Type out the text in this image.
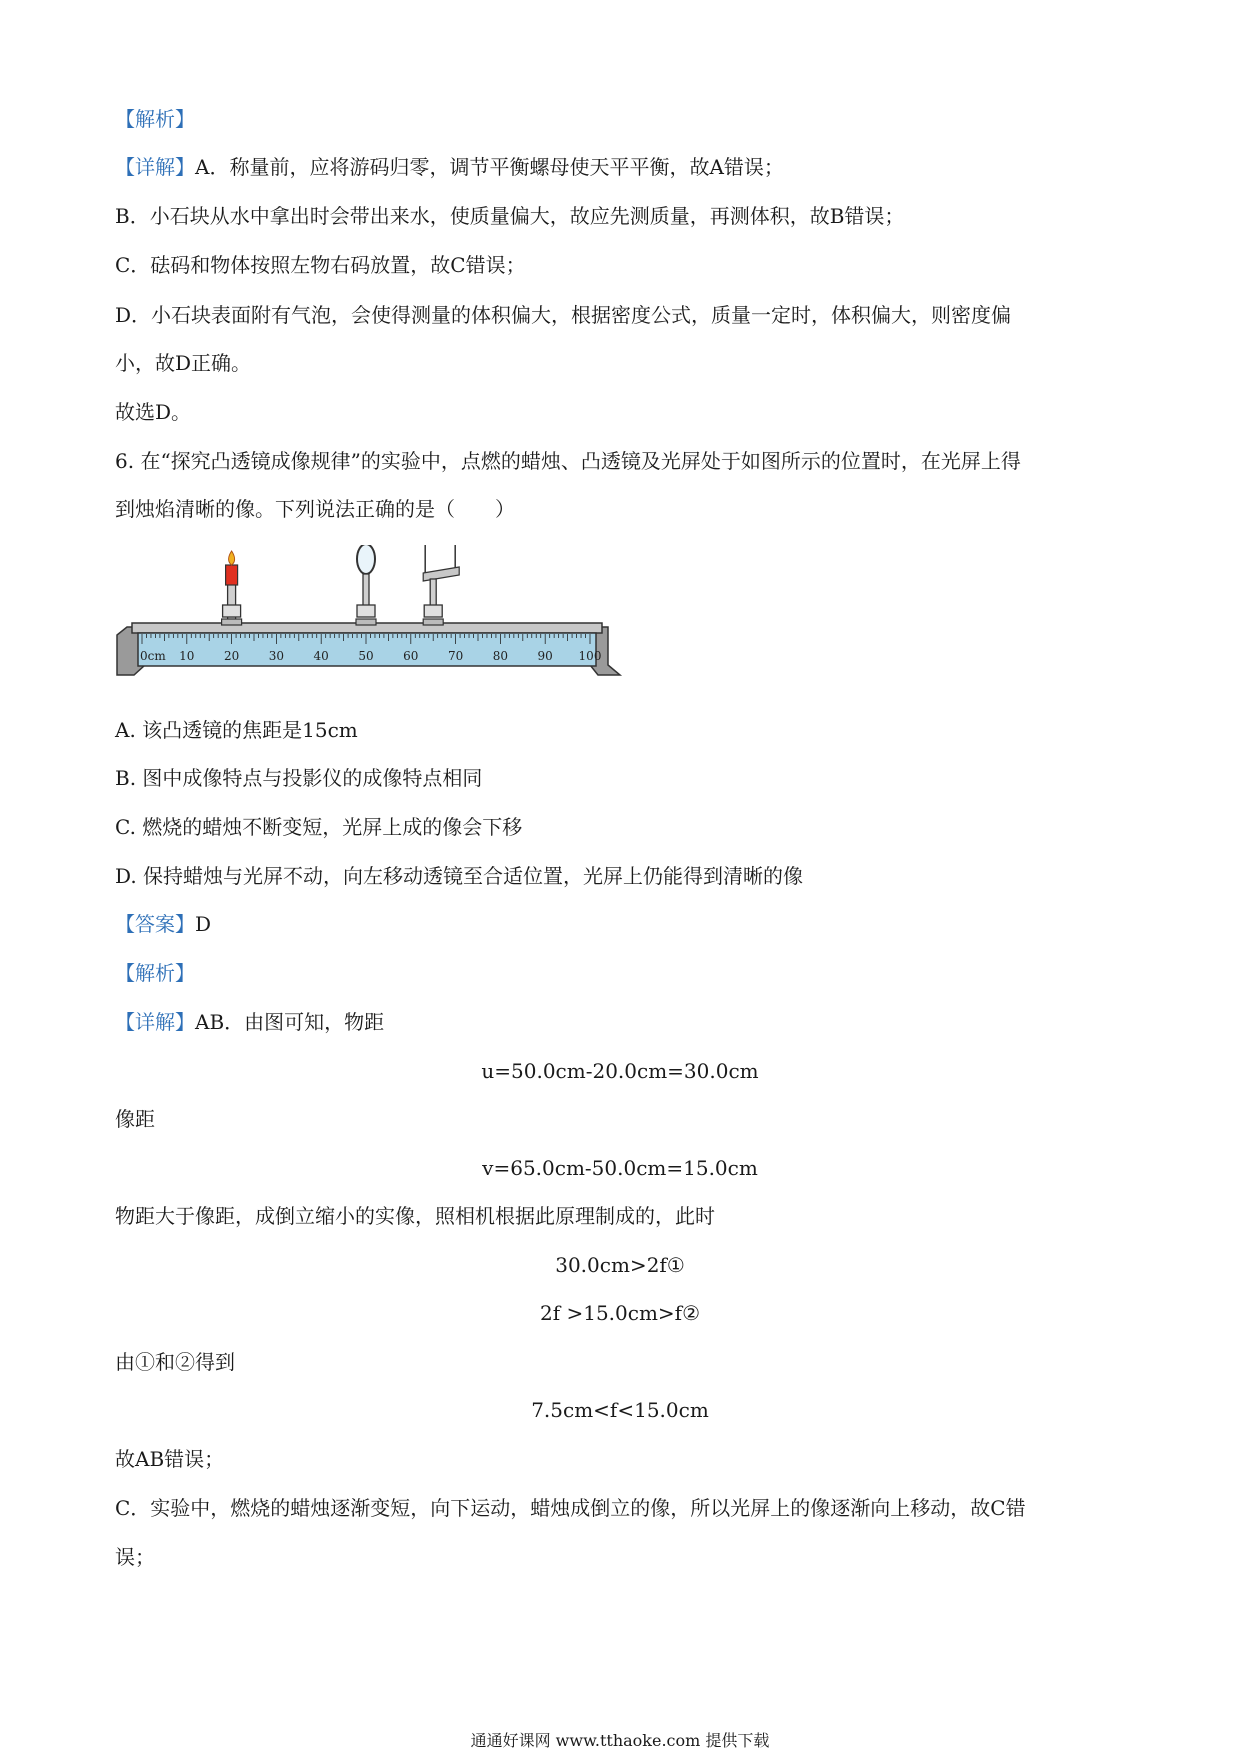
【解析】
【详解】A．称量前，应将游码归零，调节平衡螺母使天平平衡，故A错误；
B．小石块从水中拿出时会带出来水，使质量偏大，故应先测质量，再测体积，故B错误；
C．砝码和物体按照左物右码放置，故C错误；
D．小石块表面附有气泡，会使得测量的体积偏大，根据密度公式，质量一定时，体积偏大，则密度偏
小，故D正确。
故选D。
6. 在“探究凸透镜成像规律”的实验中，点燃的蜡烛、凸透镜及光屏处于如图所示的位置时，在光屏上得
到烛焰清晰的像。下列说法正确的是（　　）
0cm 10 20 30 40 50 60 70 80 90 100
A. 该凸透镜的焦距是15cm
B. 图中成像特点与投影仪的成像特点相同
C. 燃烧的蜡烛不断变短，光屏上成的像会下移
D. 保持蜡烛与光屏不动，向左移动透镜至合适位置，光屏上仍能得到清晰的像
【答案】D
【解析】
【详解】AB．由图可知，物距
u=50.0cm-20.0cm=30.0cm
像距
v=65.0cm-50.0cm=15.0cm
物距大于像距，成倒立缩小的实像，照相机根据此原理制成的，此时
30.0cm>2f①
2f >15.0cm>f②
由①和②得到
7.5cm<f<15.0cm
故AB错误；
C．实验中，燃烧的蜡烛逐渐变短，向下运动，蜡烛成倒立的像，所以光屏上的像逐渐向上移动，故C错
误；
通通好课网 www.tthaoke.com 提供下载
